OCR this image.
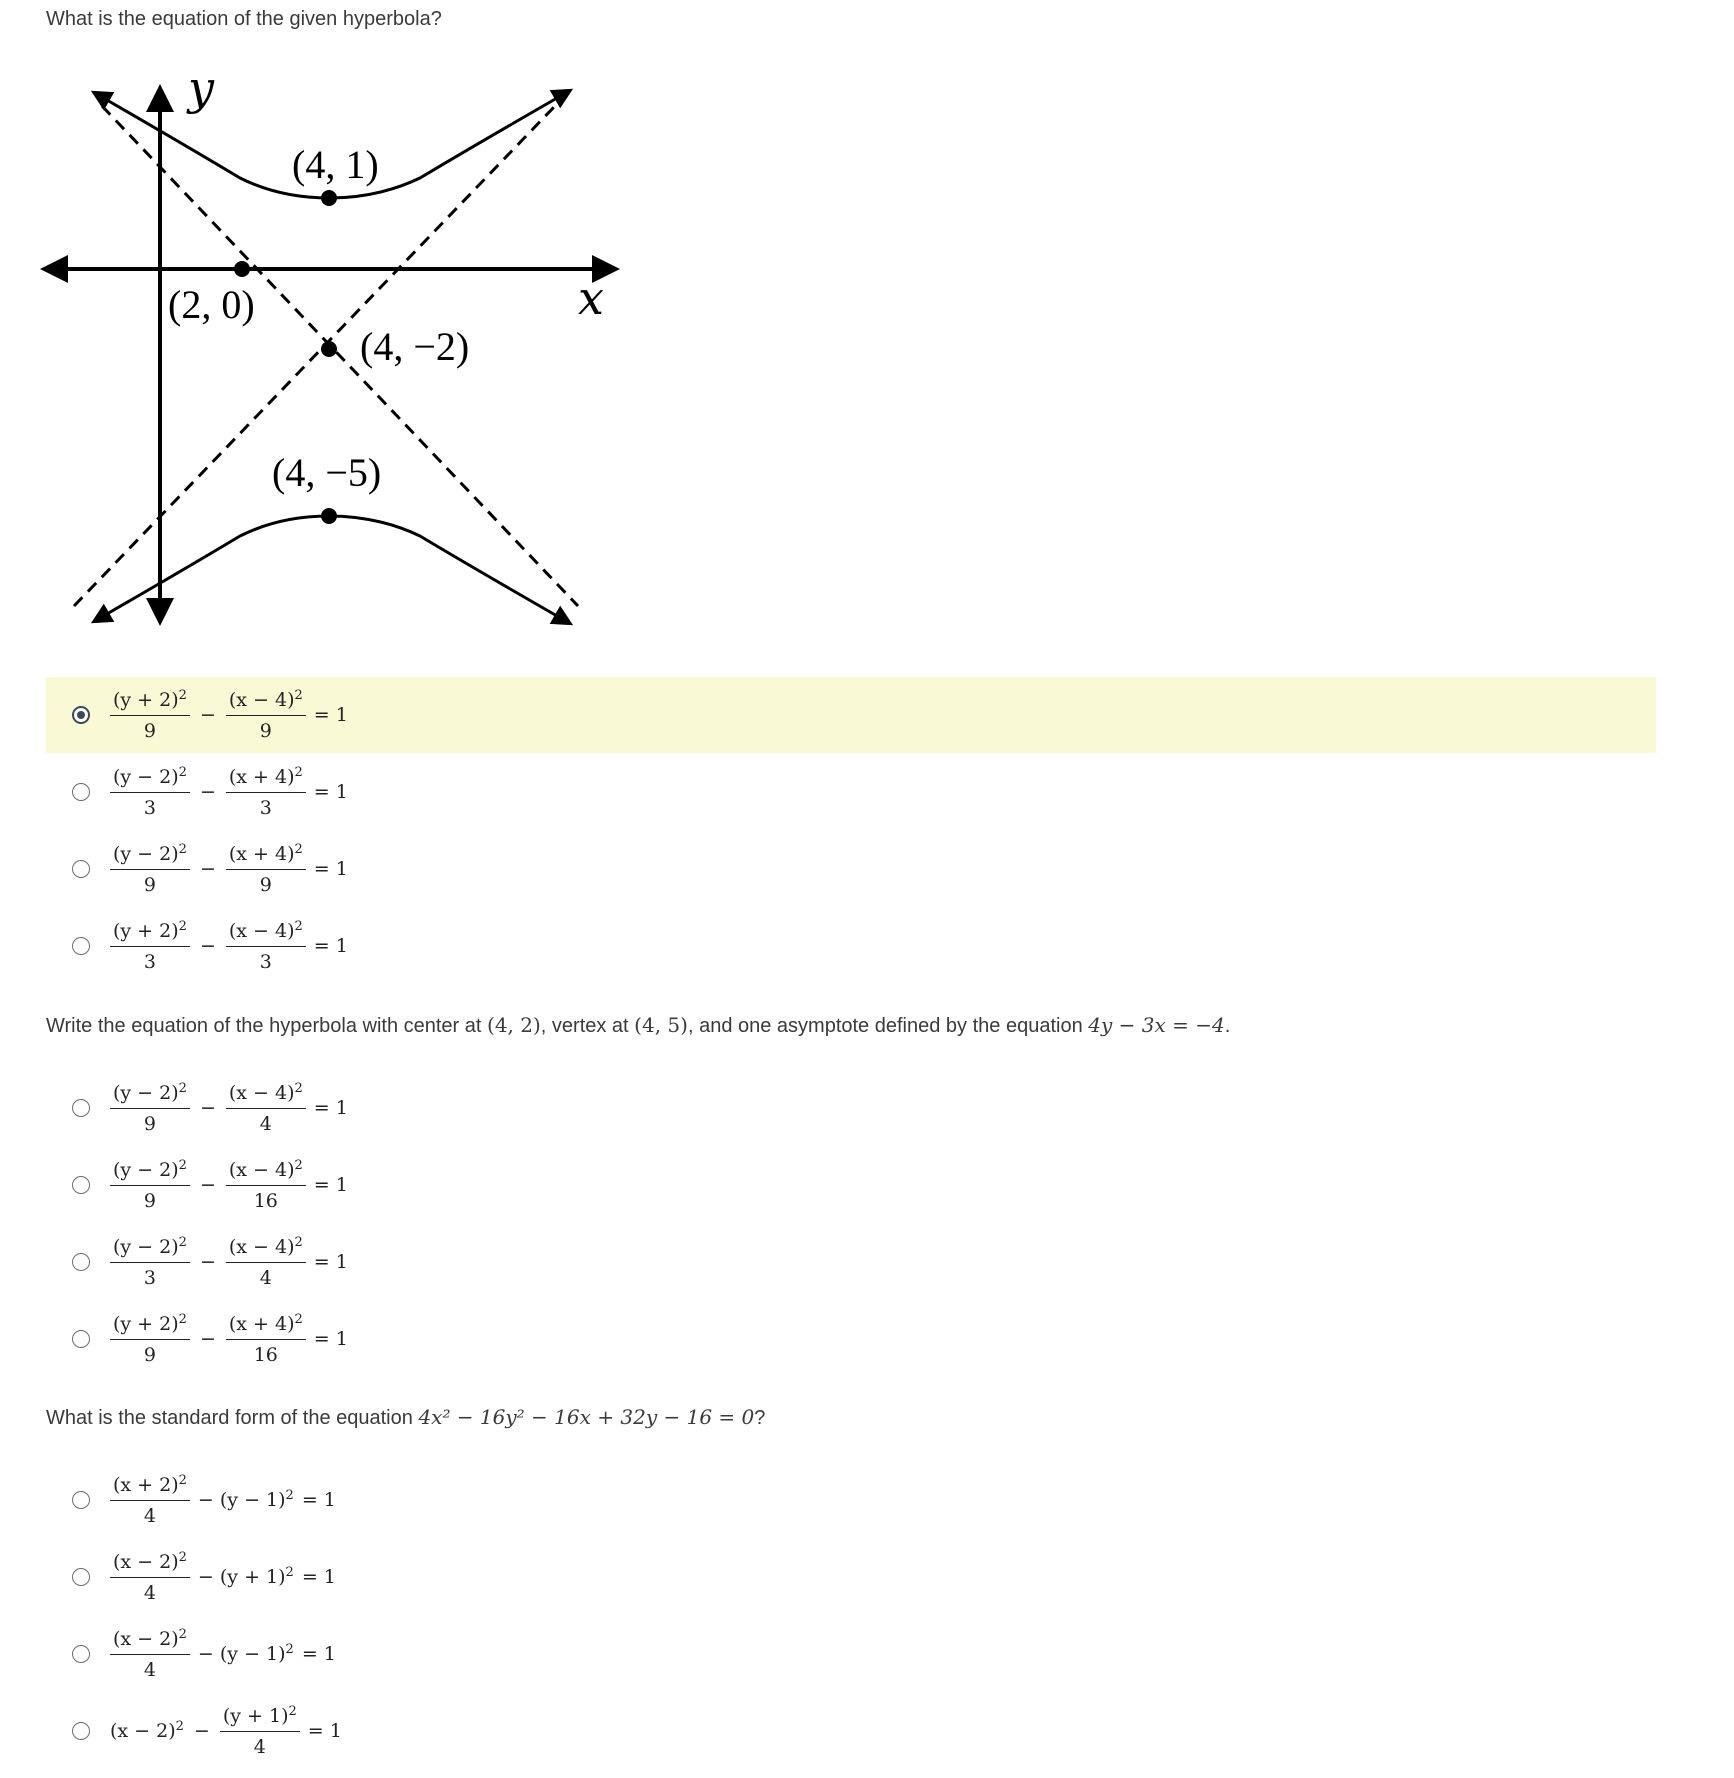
What is the equation of the given hyperbola?
y
x
(4, 1)
(2, 0)
(4, −2)
(4, −5)
$\frac{(y + 2)^2}{9} - \frac{(x - 4)^2}{9} = 1$
$\frac{(y - 2)^2}{3} - \frac{(x + 4)^2}{3} = 1$
$\frac{(y - 2)^2}{9} - \frac{(x + 4)^2}{9} = 1$
$\frac{(y + 2)^2}{3} - \frac{(x - 4)^2}{3} = 1$
Write the equation of the hyperbola with center at (4, 2), vertex at (4, 5), and one asymptote defined by the equation 4y − 3x = −4.
$\frac{(y - 2)^2}{9} - \frac{(x - 4)^2}{4} = 1$
$\frac{(y - 2)^2}{9} - \frac{(x - 4)^2}{16} = 1$
$\frac{(y - 2)^2}{3} - \frac{(x - 4)^2}{4} = 1$
$\frac{(y + 2)^2}{9} - \frac{(x + 4)^2}{16} = 1$
What is the standard form of the equation 4x² − 16y² − 16x + 32y − 16 = 0?
$\frac{(x + 2)^2}{4} - (y - 1)^2 = 1$
$\frac{(x - 2)^2}{4} - (y + 1)^2 = 1$
$\frac{(x - 2)^2}{4} - (y - 1)^2 = 1$
$(x - 2)^2 - \frac{(y + 1)^2}{4} = 1$
